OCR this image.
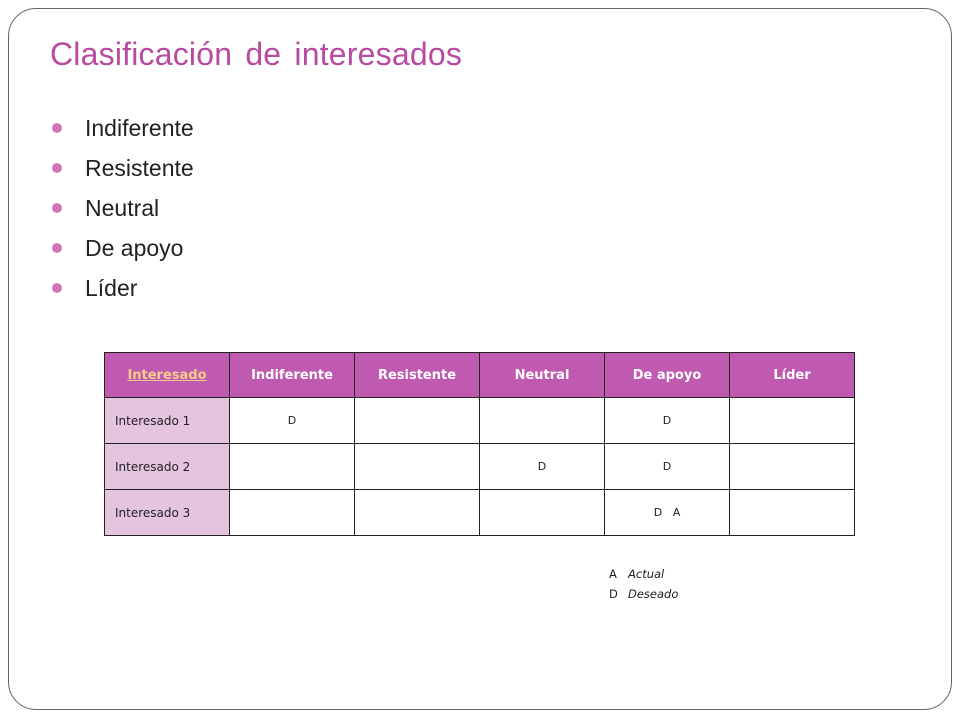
Clasificación de interesados
Indiferente
Resistente
Neutral
De apoyo
Líder
Interesado	Indiferente	Resistente	Neutral	De apoyo	Líder
Interesado 1	D			D	
Interesado 2			D	D	
Interesado 3				D   A	
A Actual
D Deseado
